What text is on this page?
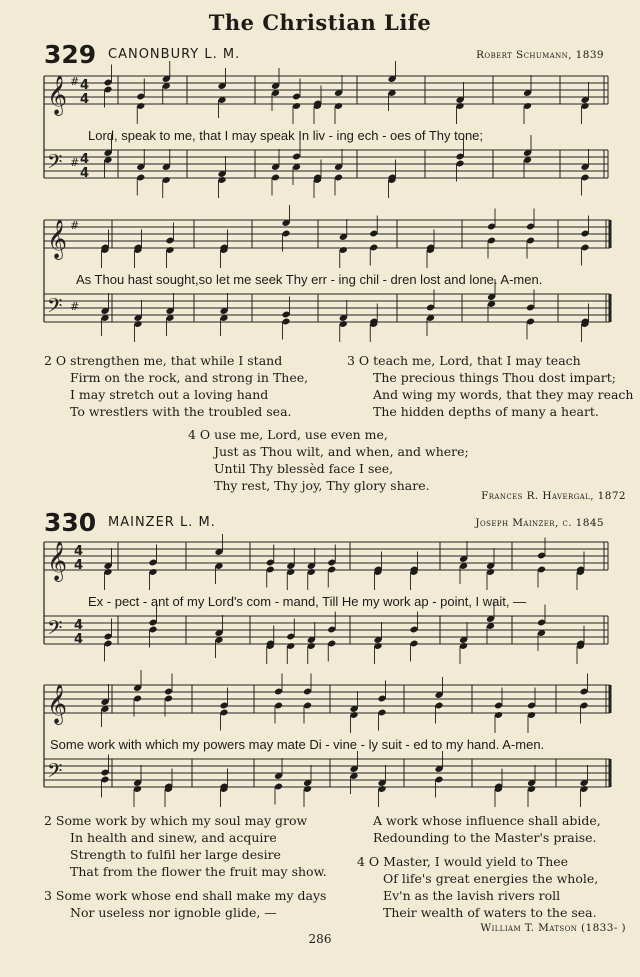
The Christian Life
329 CANONBURY L. M.	Robert Schumann, 1839
𝄞 # 4
4
𝄢 # 4
4
𝄞 #
𝄢 #
𝄞 4
4
𝄢 4
4
𝄞
𝄢
Lord, speak to me, that I may speak In liv - ing ech - oes of Thy tone;
As Thou hast sought,so let me seek Thy err - ing chil - dren lost and lone. A-men.
2 O strengthen me, that while I stand
Firm on the rock, and strong in Thee,
I may stretch out a loving hand
To wrestlers with the troubled sea.
3 O teach me, Lord, that I may teach
The precious things Thou dost impart;
And wing my words, that they may reach
The hidden depths of many a heart.
4 O use me, Lord, use even me,
Just as Thou wilt, and when, and where;
Until Thy blessèd face I see,
Thy rest, Thy joy, Thy glory share.
Frances R. Havergal, 1872
330 MAINZER L. M.	Joseph Mainzer, c. 1845
Ex - pect - ant of my Lord's com - mand, Till He my work ap - point, I wait, —
Some work with which my powers may mate Di - vine - ly suit - ed to my hand. A-men.
2 Some work by which my soul may grow
In health and sinew, and acquire
Strength to fulfil her large desire
That from the flower the fruit may show.
3 Some work whose end shall make my days
Nor useless nor ignoble glide, —
A work whose influence shall abide,
Redounding to the Master's praise.
4 O Master, I would yield to Thee
Of life's great energies the whole,
Ev'n as the lavish rivers roll
Their wealth of waters to the sea.
William T. Matson (1833- )
286
